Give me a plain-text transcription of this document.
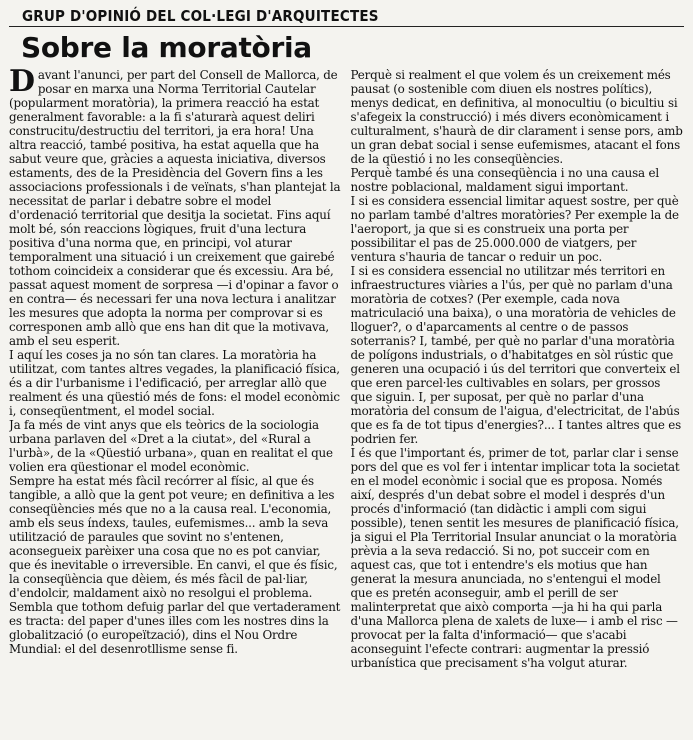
GRUP D'OPINIÓ DEL COL·LEGI D'ARQUITECTES
Sobre la moratòria

Davant l'anunci, per part del Consell de Mallorca, de posar en marxa una Norma Territorial Cautelar (popularment moratòria), la primera reacció ha estat generalment favorable: a la fi s'aturarà aquest deliri construcitu/destructiu del territori, ja era hora! Una altra reacció, també positiva, ha estat aquella que ha sabut veure que, gràcies a aquesta iniciativa, diversos estaments, des de la Presidència del Govern fins a les associacions professionals i de veïnats, s'han plantejat la necessitat de parlar i debatre sobre el model d'ordenació territorial que desitja la societat. Fins aquí molt bé, són reaccions lògiques, fruit d'una lectura positiva d'una norma que, en principi, vol aturar temporalment una situació i un creixement que gairebé tothom coincideix a considerar que és excessiu. Ara bé, passat aquest moment de sorpresa —i d'opinar a favor o en contra— és necessari fer una nova lectura i analitzar les mesures que adopta la norma per comprovar si es corresponen amb allò que ens han dit que la motivava, amb el seu esperit.

I aquí les coses ja no són tan clares. La moratòria ha utilitzat, com tantes altres vegades, la planificació física, és a dir l'urbanisme i l'edificació, per arreglar allò que realment és una qüestió més de fons: el model econòmic i, conseqüentment, el model social.

Ja fa més de vint anys que els teòrics de la sociologia urbana parlaven del «Dret a la ciutat», del «Rural a l'urbà», de la «Qüestió urbana», quan en realitat el que volien era qüestionar el model econòmic.

Sempre ha estat més fàcil recórrer al físic, al que és tangible, a allò que la gent pot veure; en definitiva a les conseqüències més que no a la causa real. L'economia, amb els seus índexs, taules, eufemismes... amb la seva utilització de paraules que sovint no s'entenen, aconsegueix parèixer una cosa que no es pot canviar, que és inevitable o irreversible. En canvi, el que és físic, la conseqüència que dèiem, és més fàcil de pal·liar, d'endolcir, maldament això no resolgui el problema.

Sembla que tothom defuig parlar del que vertaderament es tracta: del paper d'unes illes com les nostres dins la globalització (o europeïtzació), dins el Nou Ordre Mundial: el del desenrotllisme sense fi.

Perquè si realment el que volem és un creixement més pausat (o sostenible com diuen els nostres polítics), menys dedicat, en definitiva, al monocultiu (o bicultiu si s'afegeix la construcció) i més divers econòmicament i culturalment, s'haurà de dir clarament i sense pors, amb un gran debat social i sense eufemismes, atacant el fons de la qüestió i no les conseqüències.

Perquè també és una conseqüència i no una causa el nostre poblacional, maldament sigui important.

I si es considera essencial limitar aquest sostre, per què no parlam també d'altres moratòries? Per exemple la de l'aeroport, ja que si es construeix una porta per possibilitar el pas de 25.000.000 de viatgers, per ventura s'hauria de tancar o reduir un poc.

I si es considera essencial no utilitzar més territori en infraestructures viàries a l'ús, per què no parlam d'una moratòria de cotxes? (Per exemple, cada nova matriculació una baixa), o una moratòria de vehicles de lloguer?, o d'aparcaments al centre o de passos soterranis? I, també, per què no parlar d'una moratòria de polígons industrials, o d'habitatges en sòl rústic que generen una ocupació i ús del territori que converteix el que eren parcel·les cultivables en solars, per grossos que siguin. I, per suposat, per què no parlar d'una moratòria del consum de l'aigua, d'electricitat, de l'abús que es fa de tot tipus d'energies?... I tantes altres que es podrien fer.

I és que l'important és, primer de tot, parlar clar i sense pors del que es vol fer i intentar implicar tota la societat en el model econòmic i social que es proposa. Només així, després d'un debat sobre el model i després d'un procés d'informació (tan didàctic i ampli com sigui possible), tenen sentit les mesures de planificació física, ja sigui el Pla Territorial Insular anunciat o la moratòria prèvia a la seva redacció. Si no, pot succeir com en aquest cas, que tot i entendre's els motius que han generat la mesura anunciada, no s'entengui el model que es pretén aconseguir, amb el perill de ser malinterpretat que això comporta —ja hi ha qui parla d'una Mallorca plena de xalets de luxe— i amb el risc —provocat per la falta d'informació— que s'acabi aconseguint l'efecte contrari: augmentar la pressió urbanística que precisament s'ha volgut aturar.
